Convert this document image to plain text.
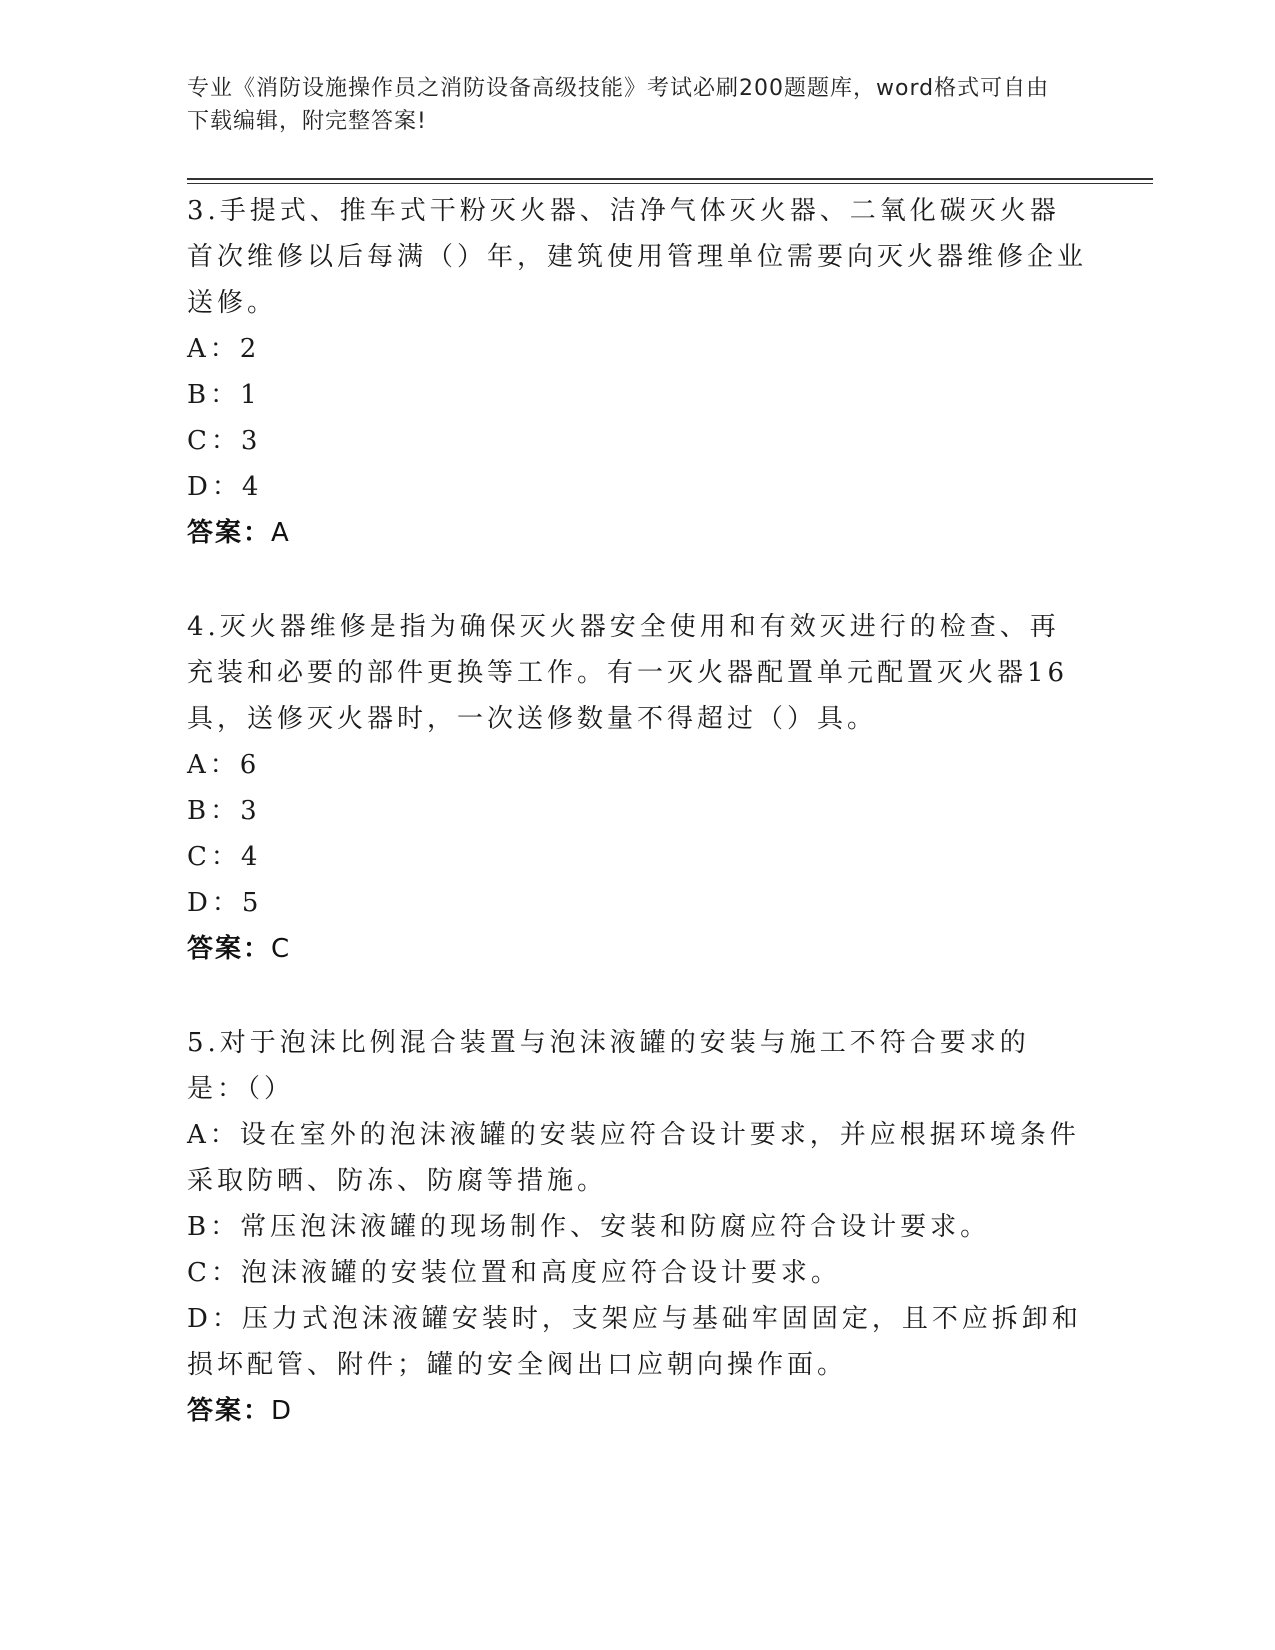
专业《消防设施操作员之消防设备高级技能》考试必刷200题题库，word格式可自由下载编辑，附完整答案!

3.手提式、推车式干粉灭火器、洁净气体灭火器、二氧化碳灭火器首次维修以后每满（）年，建筑使用管理单位需要向灭火器维修企业送修。

A：2

B：1

C：3

D：4

答案：A

4.灭火器维修是指为确保灭火器安全使用和有效灭进行的检查、再充装和必要的部件更换等工作。有一灭火器配置单元配置灭火器16具，送修灭火器时，一次送修数量不得超过（）具。

A：6

B：3

C：4

D：5

答案：C

5.对于泡沫比例混合装置与泡沫液罐的安装与施工不符合要求的是：（）

A：设在室外的泡沫液罐的安装应符合设计要求，并应根据环境条件采取防晒、防冻、防腐等措施。

B：常压泡沫液罐的现场制作、安装和防腐应符合设计要求。

C：泡沫液罐的安装位置和高度应符合设计要求。

D：压力式泡沫液罐安装时，支架应与基础牢固固定，且不应拆卸和损坏配管、附件；罐的安全阀出口应朝向操作面。

答案：D
